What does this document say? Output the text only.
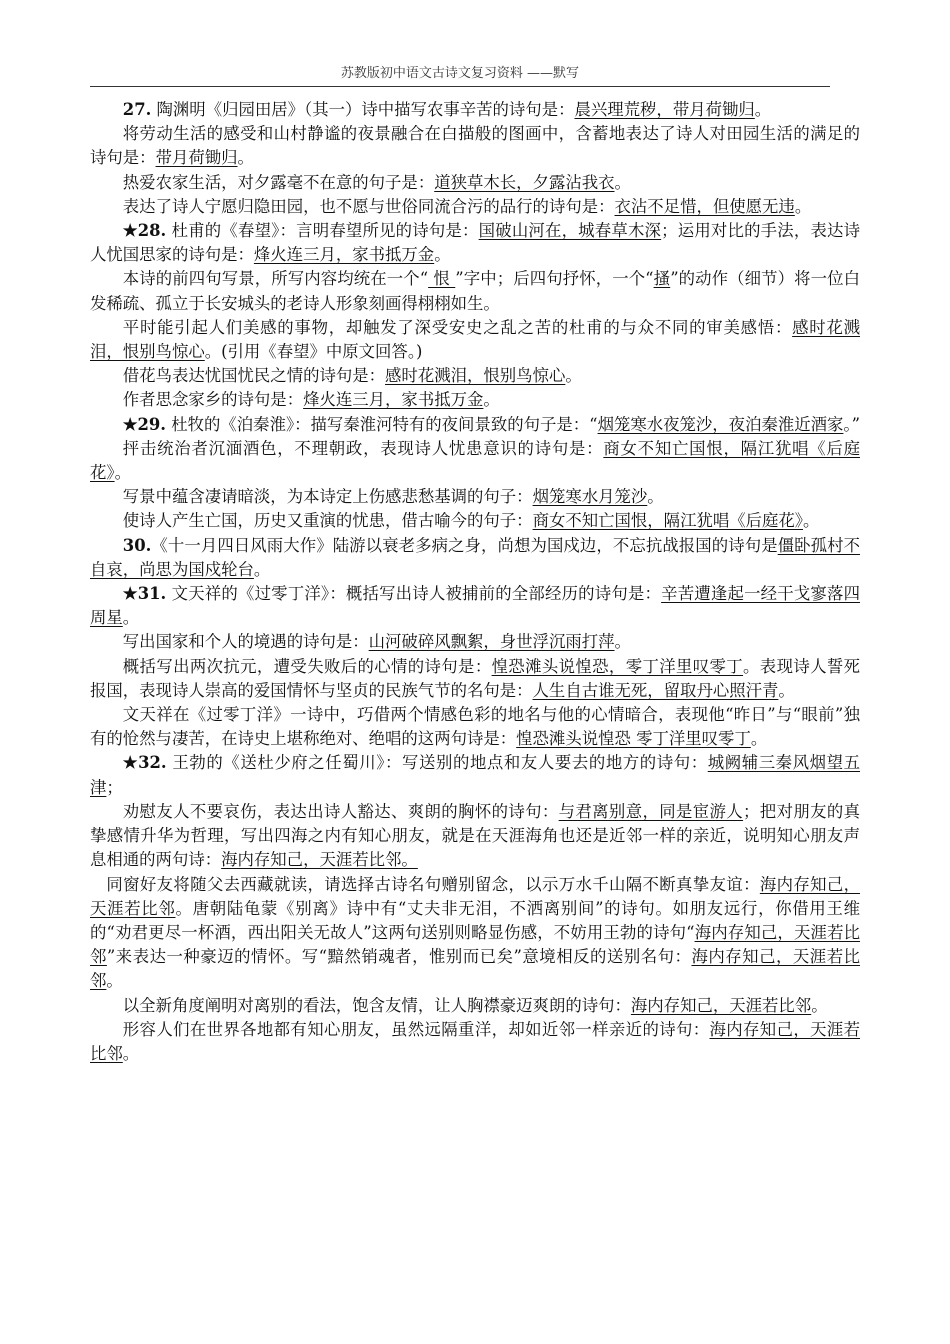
苏教版初中语文古诗文复习资料 ——默写

27. 陶渊明《归园田居》（其一）诗中描写农事辛苦的诗句是：晨兴理荒秽，带月荷锄归。

将劳动生活的感受和山村静谧的夜景融合在白描般的图画中，含蓄地表达了诗人对田园生活的满足的诗句是：带月荷锄归。

热爱农家生活，对夕露毫不在意的句子是：道狭草木长，夕露沾我衣。

表达了诗人宁愿归隐田园，也不愿与世俗同流合污的品行的诗句是：衣沾不足惜，但使愿无违。

★28. 杜甫的《春望》：言明春望所见的诗句是：国破山河在，城春草木深；运用对比的手法，表达诗人忧国思家的诗句是：烽火连三月，家书抵万金。

本诗的前四句写景，所写内容均统在一个“ 恨 ”字中；后四句抒怀，一个“搔”的动作（细节）将一位白发稀疏、孤立于长安城头的老诗人形象刻画得栩栩如生。

平时能引起人们美感的事物，却触发了深受安史之乱之苦的杜甫的与众不同的审美感悟：感时花溅泪，恨别鸟惊心。(引用《春望》中原文回答。)

借花鸟表达忧国忧民之情的诗句是：感时花溅泪，恨别鸟惊心。

作者思念家乡的诗句是：烽火连三月，家书抵万金。

★29. 杜牧的《泊秦淮》：描写秦淮河特有的夜间景致的句子是：“烟笼寒水夜笼沙，夜泊秦淮近酒家。”

抨击统治者沉湎酒色，不理朝政，表现诗人忧患意识的诗句是：商女不知亡国恨，隔江犹唱《后庭花》。

写景中蕴含凄请暗淡，为本诗定上伤感悲愁基调的句子：烟笼寒水月笼沙。

使诗人产生亡国，历史又重演的忧患，借古喻今的句子：商女不知亡国恨，隔江犹唱《后庭花》。

30.《十一月四日风雨大作》陆游以衰老多病之身，尚想为国戍边，不忘抗战报国的诗句是僵卧孤村不自哀，尚思为国戍轮台。

★31. 文天祥的《过零丁洋》：概括写出诗人被捕前的全部经历的诗句是：辛苦遭逢起一经干戈寥落四周星。

写出国家和个人的境遇的诗句是：山河破碎风飘絮，身世浮沉雨打萍。

概括写出两次抗元，遭受失败后的心情的诗句是：惶恐滩头说惶恐，零丁洋里叹零丁。表现诗人誓死报国，表现诗人崇高的爱国情怀与坚贞的民族气节的名句是：人生自古谁无死，留取丹心照汗青。

文天祥在《过零丁洋》一诗中，巧借两个情感色彩的地名与他的心情暗合，表现他“昨日”与“眼前”独有的怆然与凄苦，在诗史上堪称绝对、绝唱的这两句诗是：惶恐滩头说惶恐 零丁洋里叹零丁。

★32. 王勃的《送杜少府之任蜀川》：写送别的地点和友人要去的地方的诗句：城阙辅三秦风烟望五津；

劝慰友人不要哀伤，表达出诗人豁达、爽朗的胸怀的诗句：与君离别意，同是宦游人；把对朋友的真挚感情升华为哲理，写出四海之内有知心朋友，就是在天涯海角也还是近邻一样的亲近，说明知心朋友声息相通的两句诗：海内存知己，天涯若比邻。

同窗好友将随父去西藏就读，请选择古诗名句赠别留念，以示万水千山隔不断真挚友谊：海内存知己，天涯若比邻。唐朝陆龟蒙《别离》诗中有“丈夫非无泪，不洒离别间”的诗句。如朋友远行，你借用王维的“劝君更尽一杯酒，西出阳关无故人”这两句送别则略显伤感，不妨用王勃的诗句“海内存知己，天涯若比邻”来表达一种豪迈的情怀。写“黯然销魂者，惟别而已矣”意境相反的送别名句：海内存知己，天涯若比邻。

以全新角度阐明对离别的看法，饱含友情，让人胸襟豪迈爽朗的诗句：海内存知己，天涯若比邻。

形容人们在世界各地都有知心朋友，虽然远隔重洋，却如近邻一样亲近的诗句：海内存知己，天涯若比邻。
